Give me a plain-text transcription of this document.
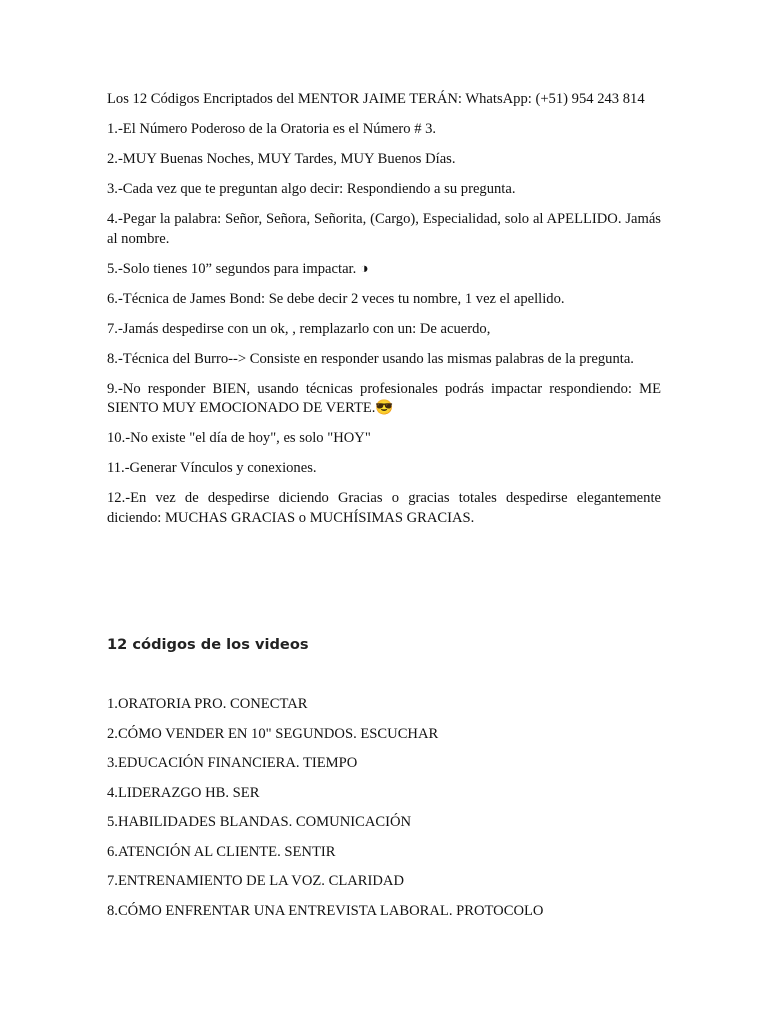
Los 12 Códigos Encriptados del MENTOR JAIME TERÁN: WhatsApp: (+51) 954 243 814

1.-El Número Poderoso de la Oratoria es el Número # 3.

2.-MUY Buenas Noches, MUY Tardes, MUY Buenos Días.

3.-Cada vez que te preguntan algo decir: Respondiendo a su pregunta.

4.-Pegar la palabra: Señor, Señora, Señorita, (Cargo), Especialidad, solo al APELLIDO. Jamás al nombre.

5.-Solo tienes 10” segundos para impactar. ◑

6.-Técnica de James Bond: Se debe decir 2 veces tu nombre, 1 vez el apellido.

7.-Jamás despedirse con un ok, , remplazarlo con un: De acuerdo,

8.-Técnica del Burro--> Consiste en responder usando las mismas palabras de la pregunta.

9.-No responder BIEN, usando técnicas profesionales podrás impactar respondiendo: ME SIENTO MUY EMOCIONADO DE VERTE.😎

10.-No existe "el día de hoy", es solo "HOY"

11.-Generar Vínculos y conexiones.

12.-En vez de despedirse diciendo Gracias o gracias totales despedirse elegantemente diciendo: MUCHAS GRACIAS o MUCHÍSIMAS GRACIAS.

12 códigos de los videos

1.ORATORIA PRO. CONECTAR

2.CÓMO VENDER EN 10" SEGUNDOS. ESCUCHAR

3.EDUCACIÓN FINANCIERA. TIEMPO

4.LIDERAZGO HB. SER

5.HABILIDADES BLANDAS. COMUNICACIÓN

6.ATENCIÓN AL CLIENTE. SENTIR

7.ENTRENAMIENTO DE LA VOZ. CLARIDAD

8.CÓMO ENFRENTAR UNA ENTREVISTA LABORAL. PROTOCOLO
